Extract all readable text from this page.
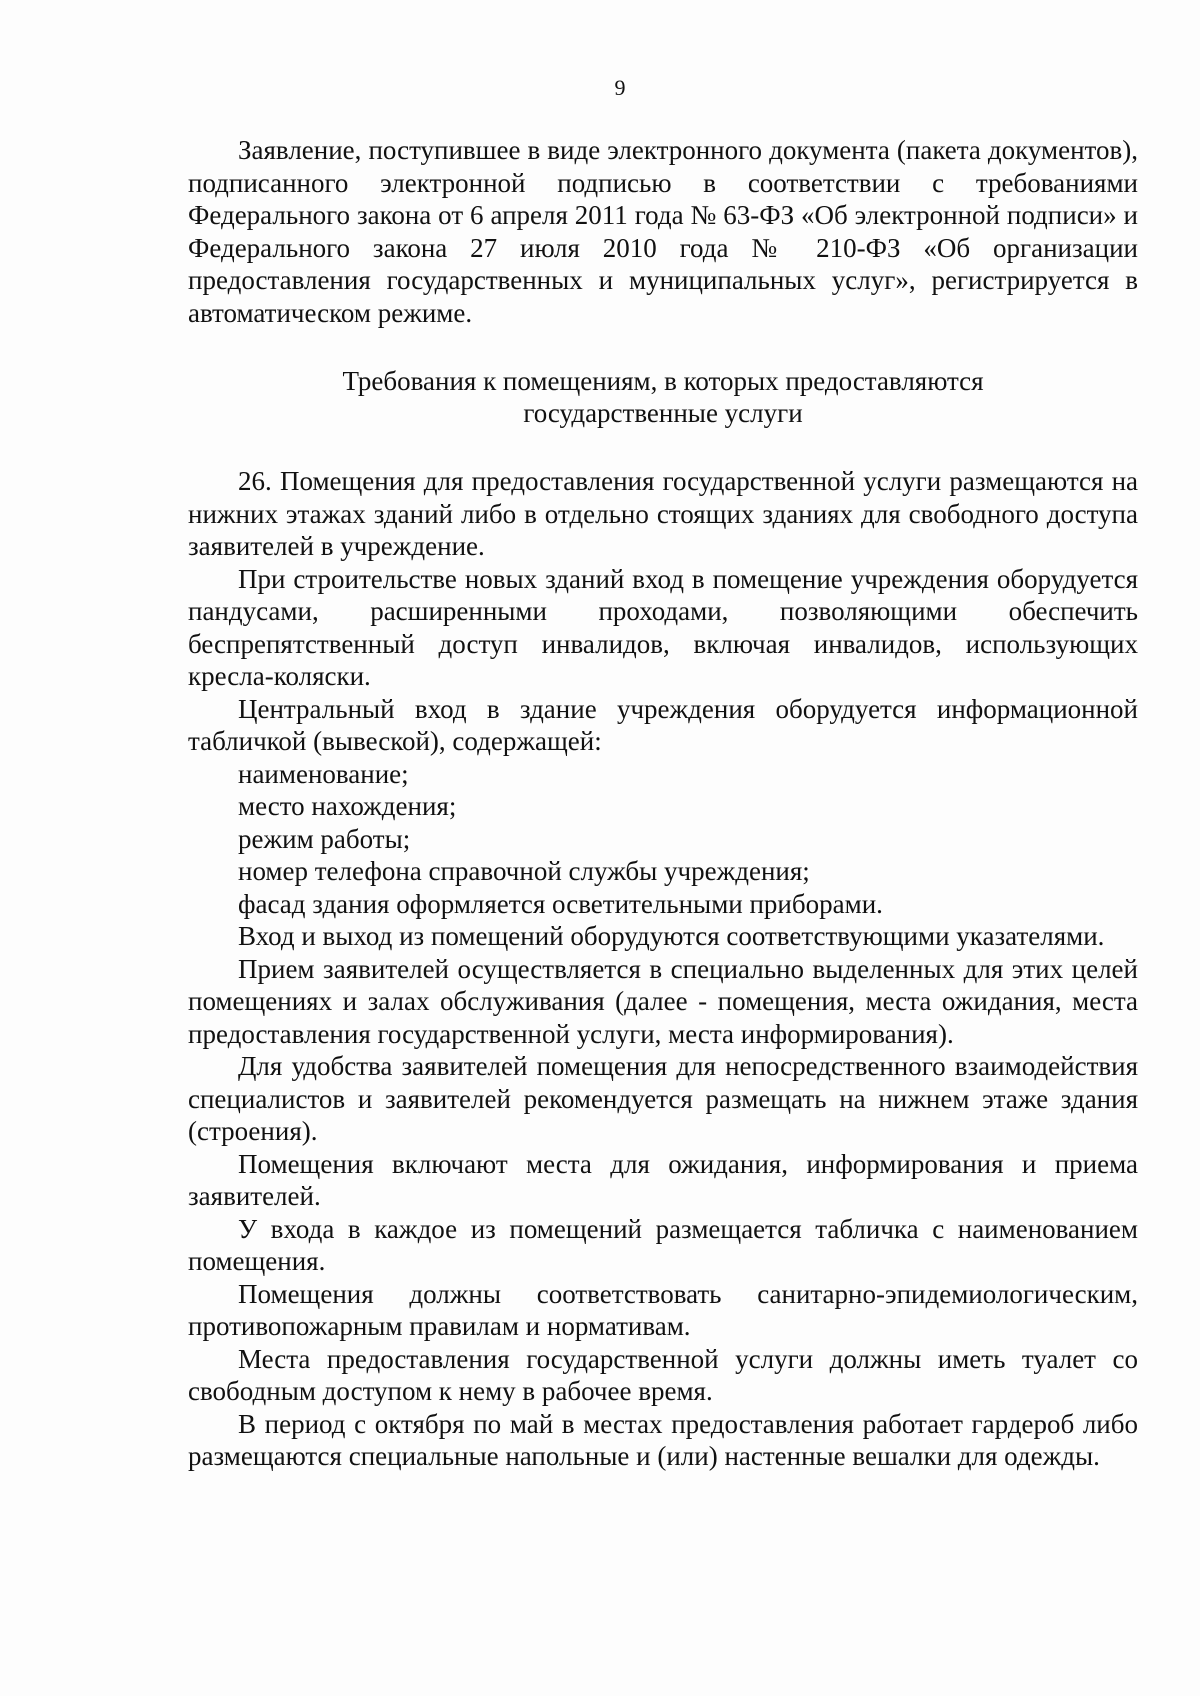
9

Заявление, поступившее в виде электронного документа (пакета документов), подписанного электронной подписью в соответствии с требованиями Федерального закона от 6 апреля 2011 года № 63-ФЗ «Об электронной подписи» и Федерального закона 27 июля 2010 года № 210-ФЗ «Об организации предоставления государственных и муниципальных услуг», регистрируется в автоматическом режиме.

Требования к помещениям, в которых предоставляются
государственные услуги

26. Помещения для предоставления государственной услуги размещаются на нижних этажах зданий либо в отдельно стоящих зданиях для свободного доступа заявителей в учреждение.

При строительстве новых зданий вход в помещение учреждения оборудуется пандусами, расширенными проходами, позволяющими обеспечить беспрепятственный доступ инвалидов, включая инвалидов, использующих кресла-коляски.

Центральный вход в здание учреждения оборудуется информационной табличкой (вывеской), содержащей:

наименование;

место нахождения;

режим работы;

номер телефона справочной службы учреждения;

фасад здания оформляется осветительными приборами.

Вход и выход из помещений оборудуются соответствующими указателями.

Прием заявителей осуществляется в специально выделенных для этих целей помещениях и залах обслуживания (далее - помещения, места ожидания, места предоставления государственной услуги, места информирования).

Для удобства заявителей помещения для непосредственного взаимодействия специалистов и заявителей рекомендуется размещать на нижнем этаже здания (строения).

Помещения включают места для ожидания, информирования и приема заявителей.

У входа в каждое из помещений размещается табличка с наименованием помещения.

Помещения должны соответствовать санитарно-эпидемиологическим, противопожарным правилам и нормативам.

Места предоставления государственной услуги должны иметь туалет со свободным доступом к нему в рабочее время.

В период с октября по май в местах предоставления работает гардероб либо размещаются специальные напольные и (или) настенные вешалки для одежды.
